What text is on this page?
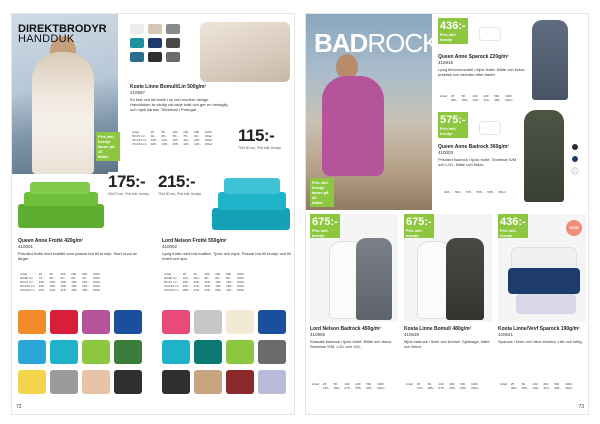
DIREKTBRODYR
HANDDUK
Pris inkl. brodyr
taxon på 40
bilder
Koste Linne Bomull/Lin 500g/m²
410597
En fast och tät frotté i ny och modern design. Handduken är vänlig vid varje tvätt och ger en behaglig och mjuk känsla. Tillverkad i Portugal.
115:-
70x130 cm, Pris inkl. brodyr
Antal	25	50	100	200	500	1000
50x70 cm	92:-	88:-	78:-	75:-	69:-	Offert
70x130 cm	145:-	130:-	115:-	110:-	105:-	Offert
70x150 cm	180:-	168:-	155:-	145:-	139:-	Offert
175:-
50x70 cm, Pris inkl. brodyr
215:-
70x130 cm, Pris inkl. brodyr
Queen Anne Frotté 420g/m²
410001
Prisvärd frotté med kvalitet som passar bra till brodyr. Stort urval av färger.
Lord Nelson Frotté 550g/m²
410002
Lyxig frotté med bra kvalitet. Tjock och mjuk. Passar bra till brodyr och till hotell och spa.
Antal	25	50	100	200	500	1000
30x50 cm	74:-	68:-	60:-	55:-	49:-	Offert
50x70 cm	168:-	159:-	145:-	138:-	129:-	Offert
50x100 cm	195:-	185:-	168:-	155:-	145:-	Offert
70x130 cm	245:-	230:-	215:-	199:-	189:-	Offert
Antal	25	50	100	200	500	1000
30x50 cm	122:-	110:-	98:-	95:-	89:-	Offert
50x70 cm	185:-	169:-	155:-	145:-	139:-	Offert
70x130 cm	240:-	215:-	205:-	195:-	189:-	Offert
70x150 cm	288:-	270:-	249:-	239:-	229:-	Offert
72
BADROCK
Pris inkl. brodyr
taxon på 40
bilder
436:-
Pris inkl. brodyr
Queen Anne Sparock 220g/m²
410816
Lyxig kimonomodell i mjuk frotté. Bälte och fickor, praktisk och bekväm efter badet.
Antal	25	50	100	200	500	1000
	480:-	455:-	436:-	419:-	399:-	Offert
575:-
Pris inkl. brodyr
Queen Anne Badrock 360g/m²
410003
Prisvärd badrock i tjock frotté. Storlekar S/M och L/XL. Bälte och fickor.
	620:-	599:-	575:-	555:-	535:-	Offert
675:-
Pris inkl. brodyr
675:-
Pris inkl. brodyr
436:-
Pris inkl. brodyr
NEW
Lord Nelson Badrock 450g/m²
410905
Klassisk badrock i tjock frotté. Bälte och fickor. Storlekar S/M, L/XL och XXL.
Kosta Linne Bomull 480g/m²
410635
Mjuk badrock i linne och bomull. Sjalkrage, bälte och fickor.
Kosta Linne/Vevf Sparock 190g/m²
420641
Sparock i linne och vävd struktur. Lätt och luftig.
Antal	25	50	100	200	500	1000
	720:-	695:-	675:-	655:-	635:-	Offert
Antal	25	50	100	200	500	1000
	720:-	695:-	675:-	655:-	635:-	Offert
Antal	25	50	100	200	500	1000
	480:-	455:-	436:-	419:-	399:-	Offert
73
